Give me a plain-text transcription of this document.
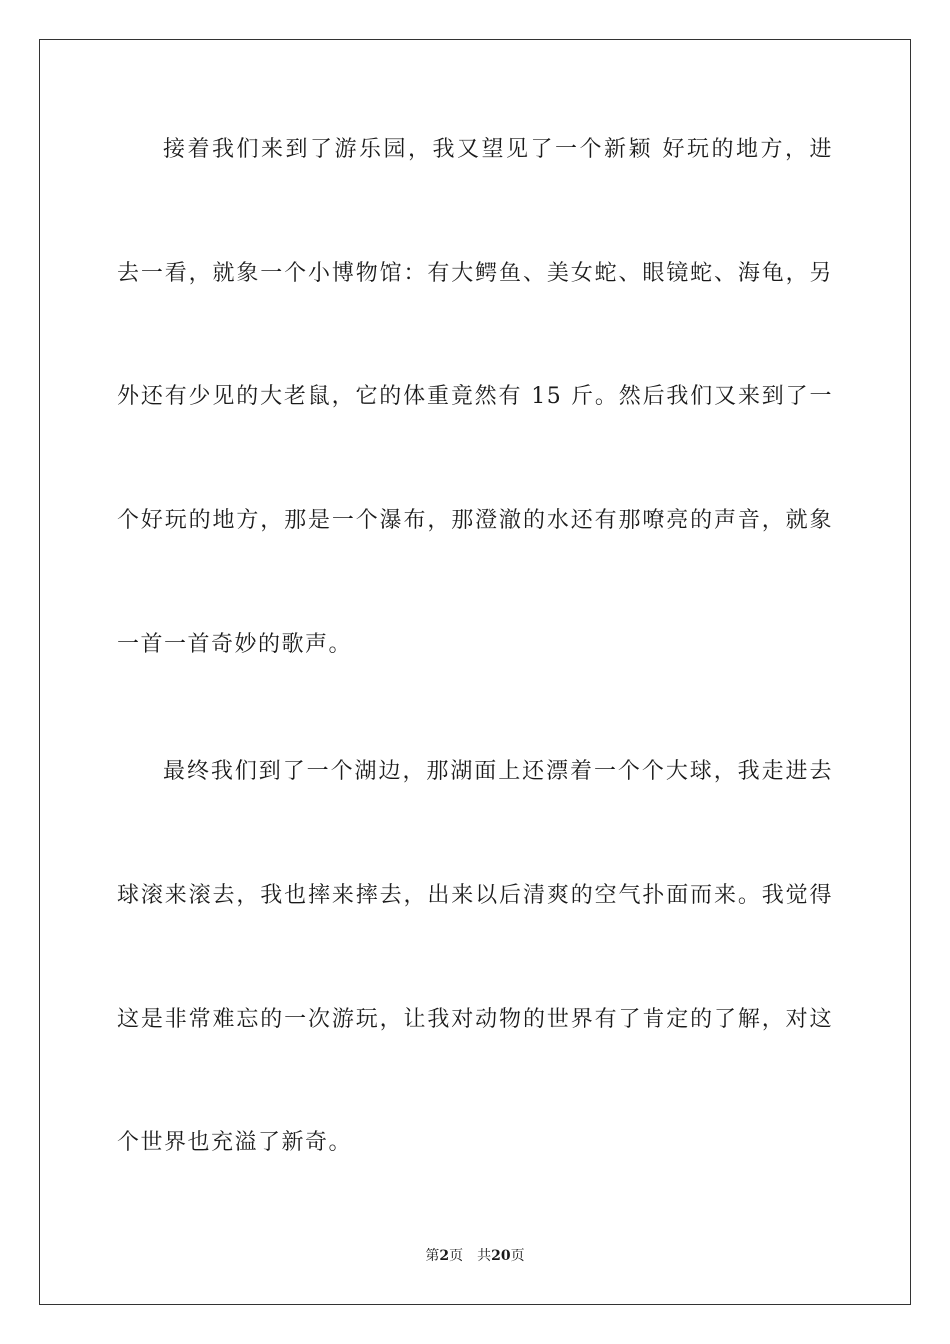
接着我们来到了游乐园，我又望见了一个新颖 好玩的地方，进
去一看，就象一个小博物馆：有大鳄鱼、美女蛇、眼镜蛇、海龟，另
外还有少见的大老鼠，它的体重竟然有 15 斤。然后我们又来到了一
个好玩的地方，那是一个瀑布，那澄澈的水还有那嘹亮的声音，就象
一首一首奇妙的歌声。
最终我们到了一个湖边，那湖面上还漂着一个个大球，我走进去
球滚来滚去，我也摔来摔去，出来以后清爽的空气扑面而来。我觉得
这是非常难忘的一次游玩，让我对动物的世界有了肯定的了解，对这
个世界也充溢了新奇。
第2页 共20页
